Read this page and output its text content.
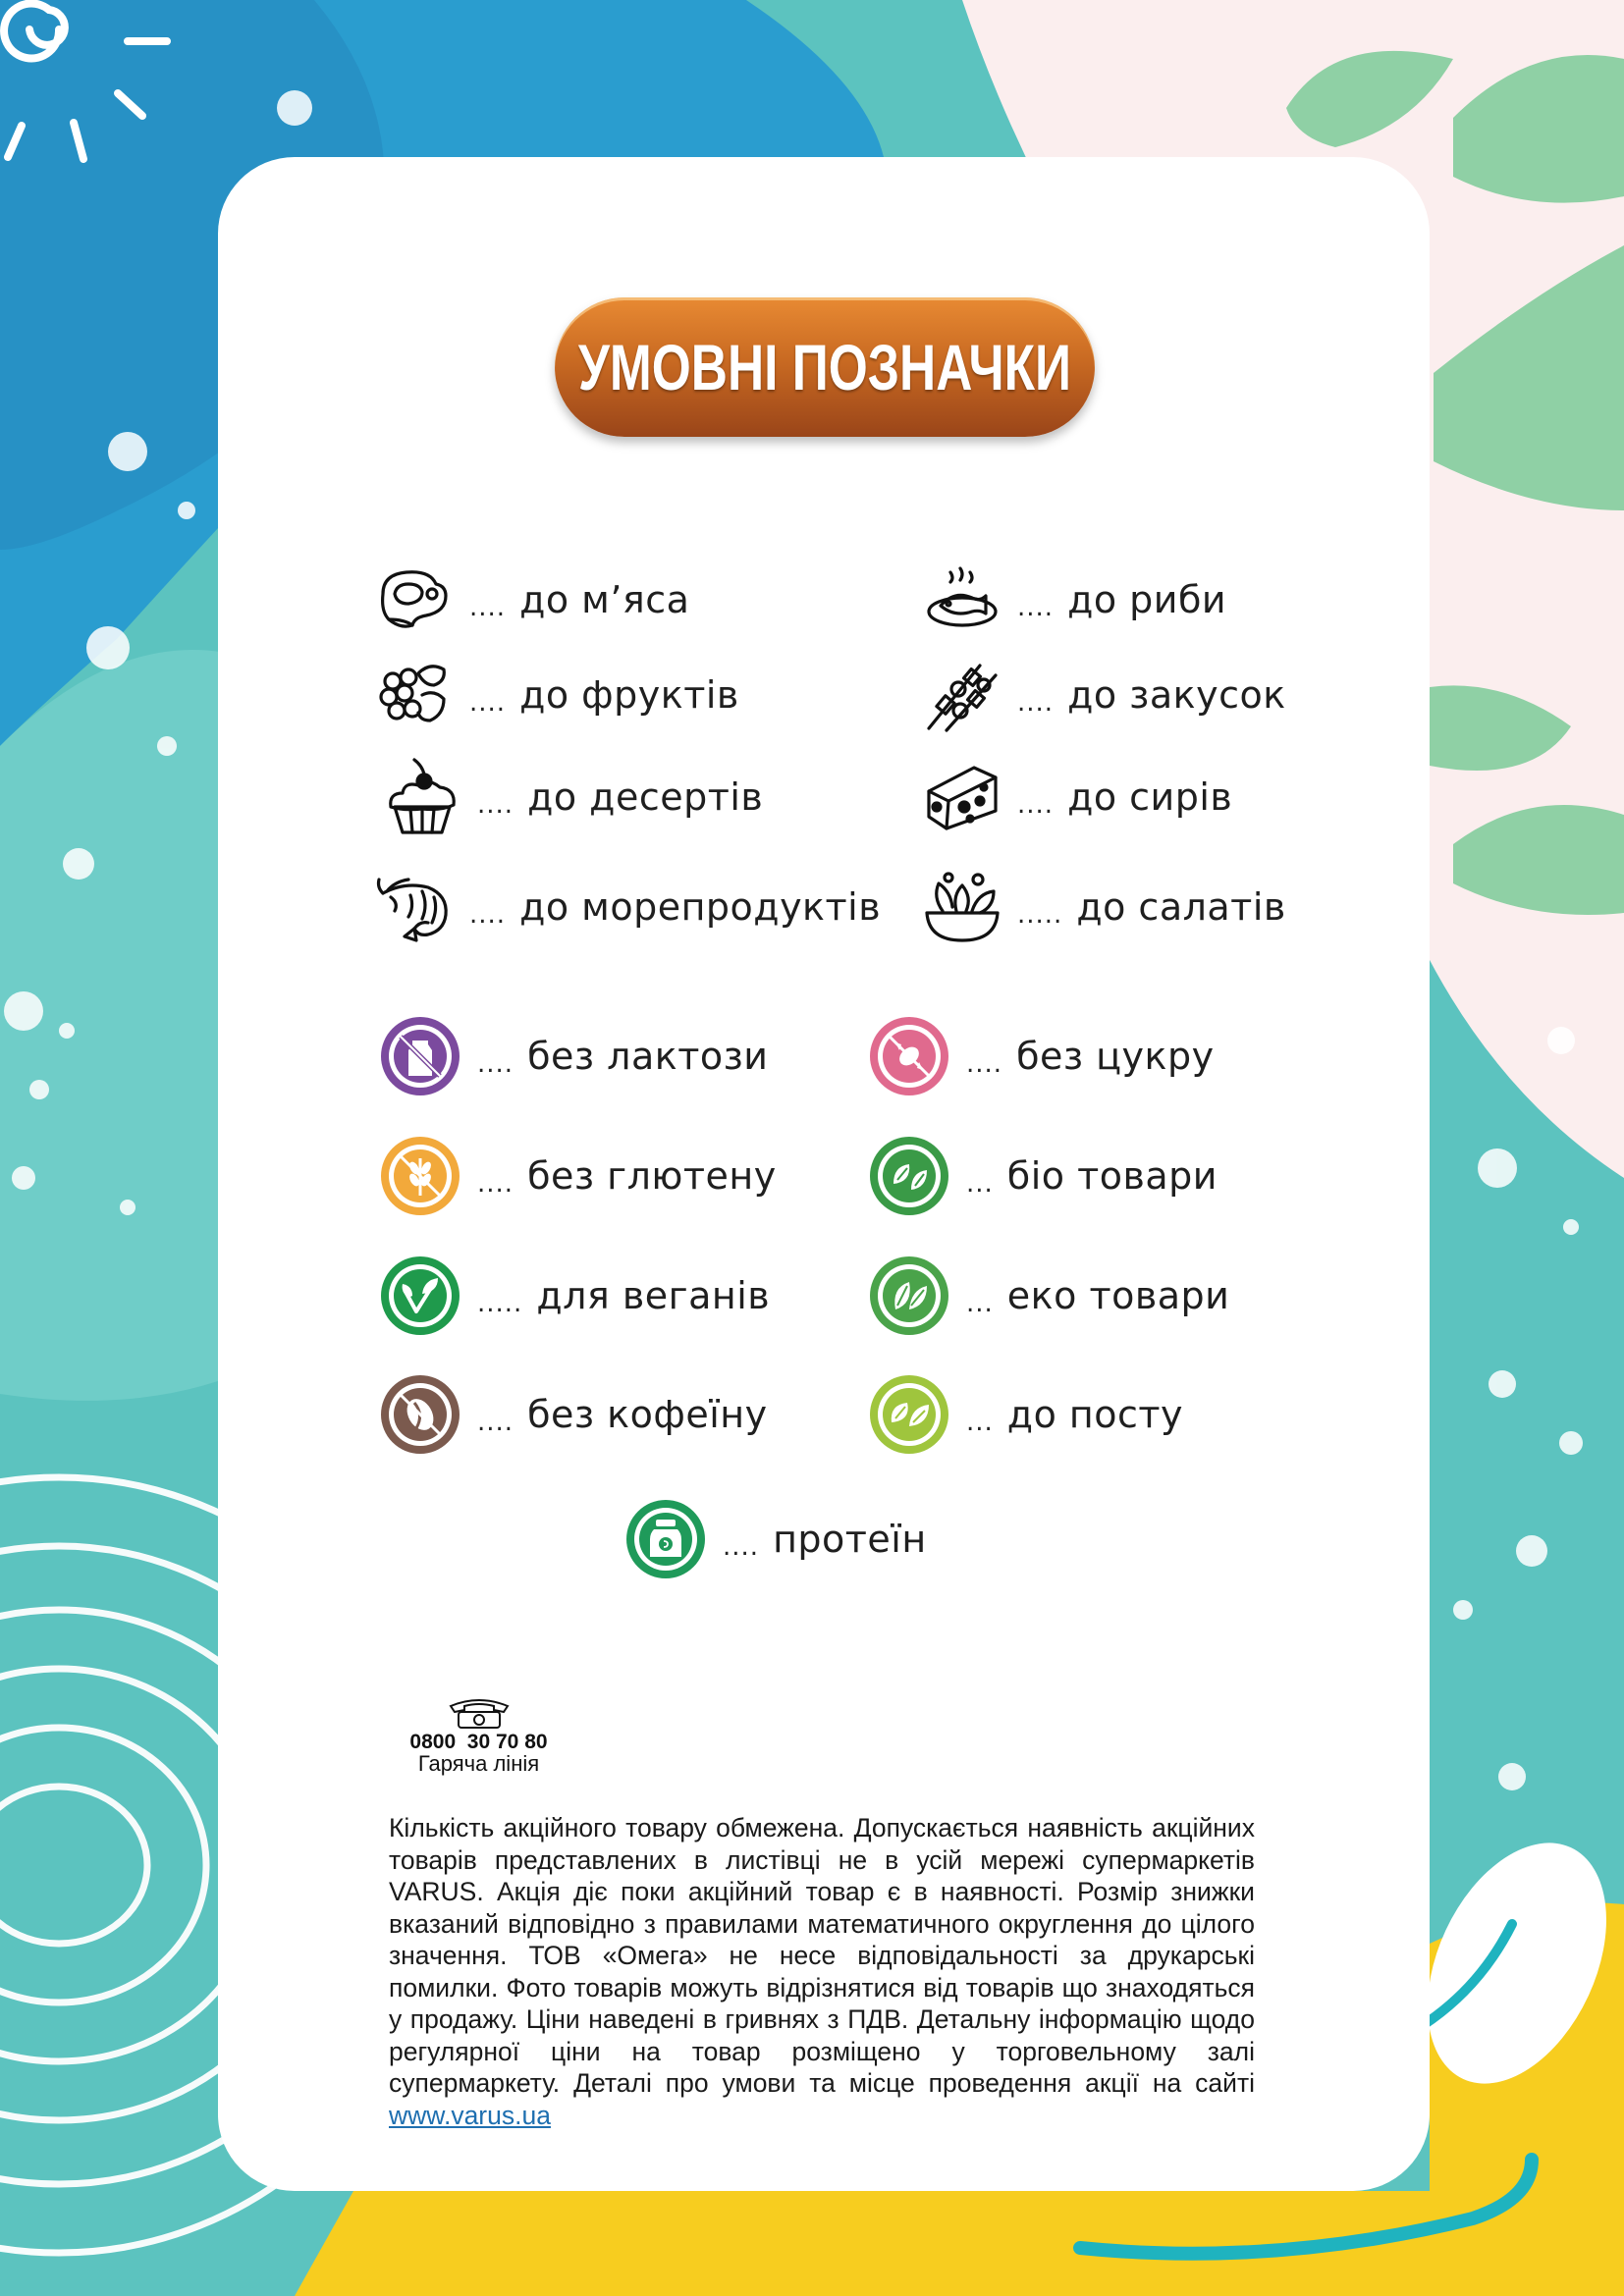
УМОВНІ ПОЗНАЧКИ
.... до м’яса	.... до риби
.... до фруктів	.... до закусок
.... до десертів	.... до сирів
.... до морепродуктів	..... до салатів
.... без лактози	.... без цукру
.... без глютену	... біо товари
..... для веганів	... еко товари
.... без кофеїну	... до посту
.... протеїн
0800  30 70 80
Гаряча лінія
Кількість акційного товару обмежена. Допускається наявність акційних товарів представлених в листівці не в усій мережі супермаркетів VARUS. Акція діє поки акційний товар є в наявності. Розмір знижки вказаний відповідно з правилами математичного округлення до цілого значення. ТОВ «Омега» не несе відповідальності за друкарські помилки. Фото товарів можуть відрізнятися від товарів що знаходяться у продажу. Ціни наведені в гривнях з ПДВ. Детальну інформацію щодо регулярної ціни на товар розміщено у торговельному залі супермаркету. Деталі про умови та місце проведення акції на сайті www.varus.ua
